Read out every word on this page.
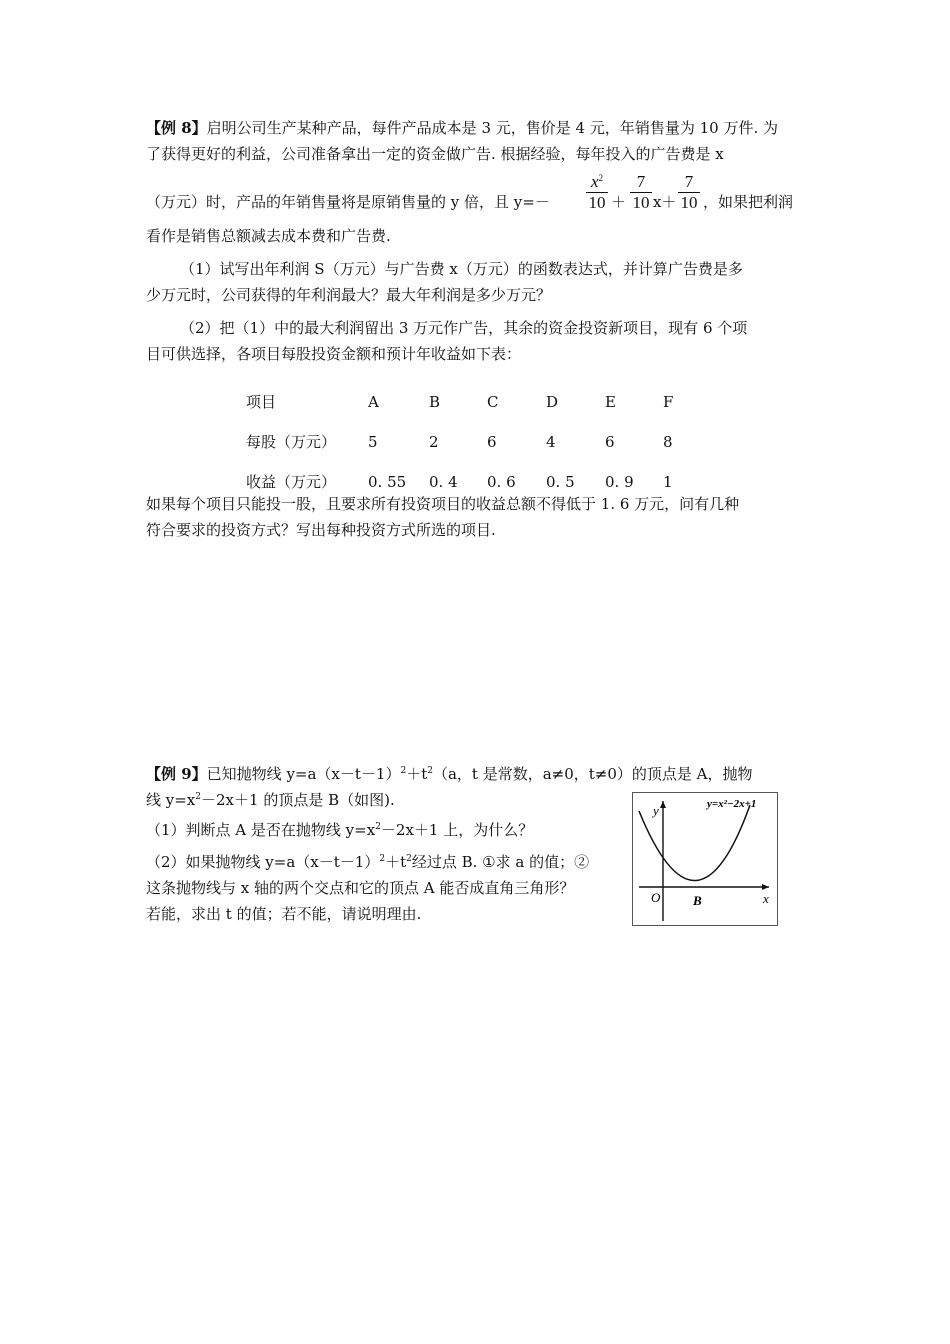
【例 8】启明公司生产某种产品，每件产品成本是 3 元，售价是 4 元，年销售量为 10 万件. 为
了获得更好的利益，公司准备拿出一定的资金做广告. 根据经验，每年投入的广告费是 x
（万元）时，产品的年销售量将是原销售量的 y 倍，且 $y=- \frac{x^2}{10} + \frac{7}{10} x+ \frac{7}{10}$ ，如果把利润
看作是销售总额减去成本费和广告费.
（1）试写出年利润 S（万元）与广告费 x（万元）的函数表达式，并计算广告费是多
少万元时，公司获得的年利润最大？最大年利润是多少万元？
（2）把（1）中的最大利润留出 3 万元作广告，其余的资金投资新项目，现有 6 个项
目可供选择，各项目每股投资金额和预计年收益如下表：
项目	A	B	C	D	E	F
每股（万元）	5	2	6	4	6	8
收益（万元）	0. 55	0. 4	0. 6	0. 5	0. 9	1
如果每个项目只能投一股，且要求所有投资项目的收益总额不得低于 1. 6 万元，问有几种
符合要求的投资方式？写出每种投资方式所选的项目.
【例 9】已知抛物线 $y=a(x-t-1)^2+t^2(a$，t 是常数，a≠0，t≠0）的顶点是 A，抛物
线 $y=x^2-2x+1$ 的顶点是 B（如图).
（1）判断点 A 是否在抛物线 $y=x^2-2x+1$ 上，为什么？
（2）如果抛物线 $y=a(x-t-1)^2+t^2$经过点 B. ①求 a 的值；②
这条抛物线与 x 轴的两个交点和它的顶点 A 能否成直角三角形？
若能，求出 t 的值；若不能，请说明理由.
y
x
O	B
y=x²−2x+1
